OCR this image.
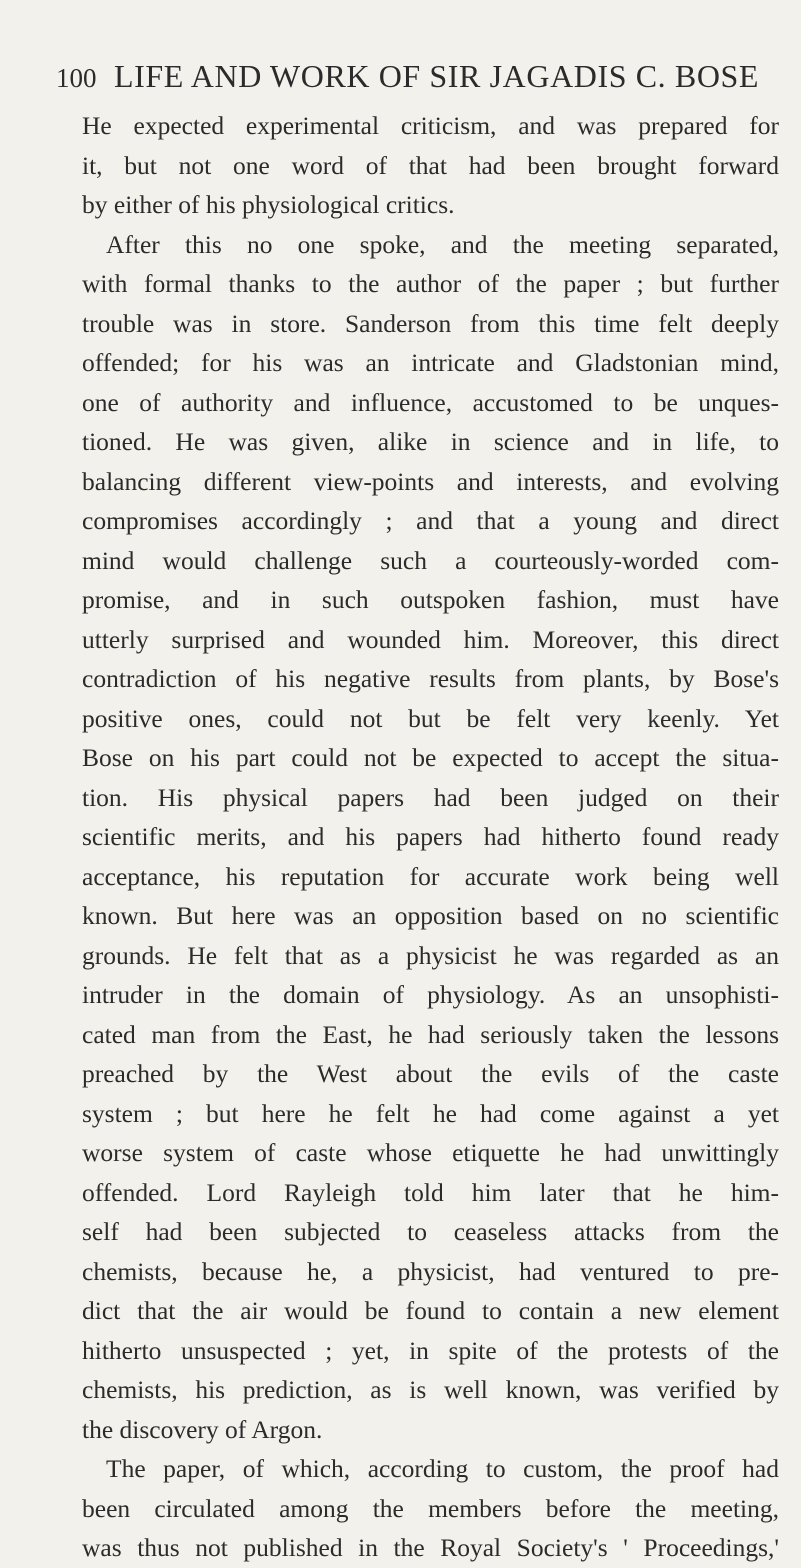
100 LIFE AND WORK OF SIR JAGADIS C. BOSE
He expected experimental criticism, and was prepared for
it, but not one word of that had been brought forward
by either of his physiological critics.
After this no one spoke, and the meeting separated,
with formal thanks to the author of the paper ; but further
trouble was in store. Sanderson from this time felt deeply
offended; for his was an intricate and Gladstonian mind,
one of authority and influence, accustomed to be unques-
tioned. He was given, alike in science and in life, to
balancing different view-points and interests, and evolving
compromises accordingly ; and that a young and direct
mind would challenge such a courteously-worded com-
promise, and in such outspoken fashion, must have
utterly surprised and wounded him. Moreover, this direct
contradiction of his negative results from plants, by Bose's
positive ones, could not but be felt very keenly. Yet
Bose on his part could not be expected to accept the situa-
tion. His physical papers had been judged on their
scientific merits, and his papers had hitherto found ready
acceptance, his reputation for accurate work being well
known. But here was an opposition based on no scientific
grounds. He felt that as a physicist he was regarded as an
intruder in the domain of physiology. As an unsophisti-
cated man from the East, he had seriously taken the lessons
preached by the West about the evils of the caste
system ; but here he felt he had come against a yet
worse system of caste whose etiquette he had unwittingly
offended. Lord Rayleigh told him later that he him-
self had been subjected to ceaseless attacks from the
chemists, because he, a physicist, had ventured to pre-
dict that the air would be found to contain a new element
hitherto unsuspected ; yet, in spite of the protests of the
chemists, his prediction, as is well known, was verified by
the discovery of Argon.
The paper, of which, according to custom, the proof had
been circulated among the members before the meeting,
was thus not published in the Royal Society's ' Proceedings,'
